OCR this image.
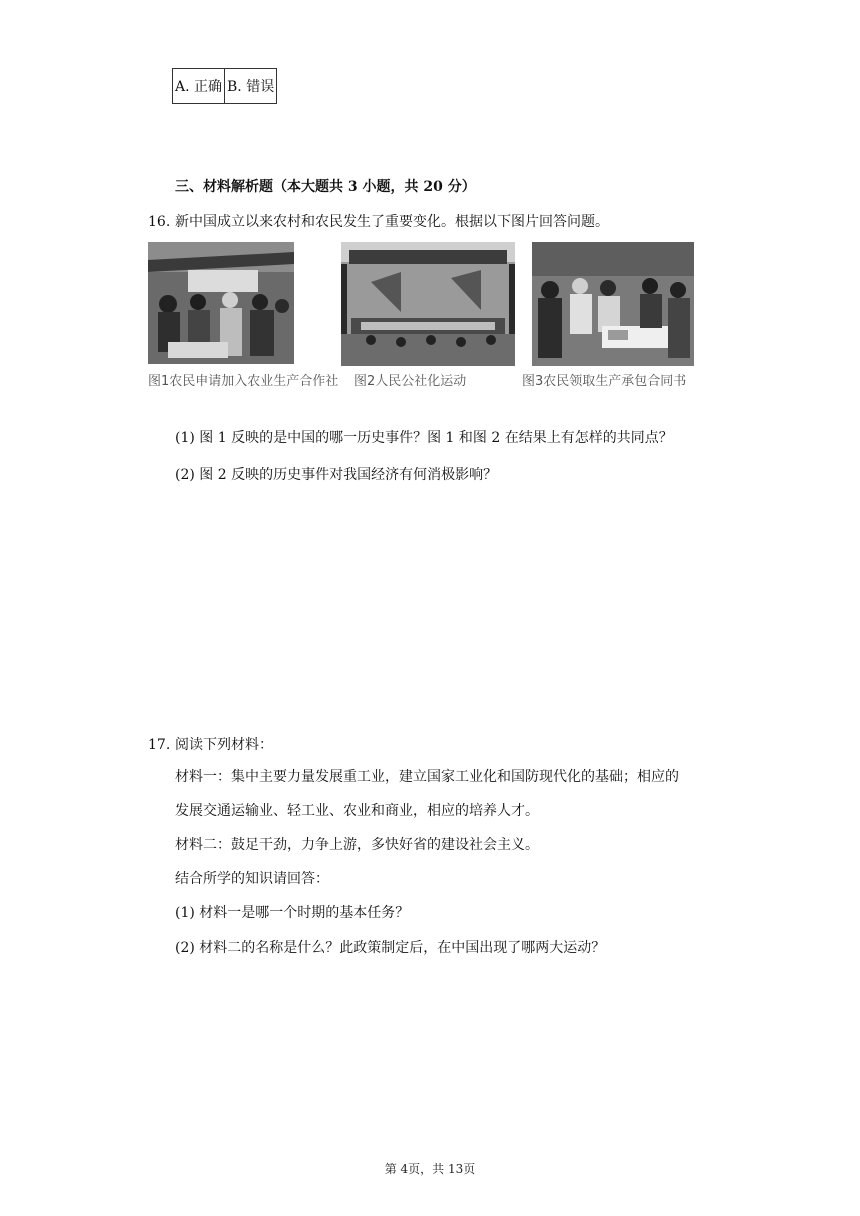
A. 正确	B. 错误
三、材料解析题（本大题共 3 小题，共 20 分）
16. 新中国成立以来农村和农民发生了重要变化。根据以下图片回答问题。
图1农民申请加入农业生产合作社 图2人民公社化运动	图3农民领取生产承包合同书
(1) 图 1 反映的是中国的哪一历史事件？图 1 和图 2 在结果上有怎样的共同点？
(2) 图 2 反映的历史事件对我国经济有何消极影响？
17. 阅读下列材料：
材料一：集中主要力量发展重工业，建立国家工业化和国防现代化的基础；相应的
发展交通运输业、轻工业、农业和商业，相应的培养人才。
材料二：鼓足干劲，力争上游，多快好省的建设社会主义。
结合所学的知识请回答：
(1) 材料一是哪一个时期的基本任务？
(2) 材料二的名称是什么？此政策制定后，在中国出现了哪两大运动？
第 4页，共 13页
